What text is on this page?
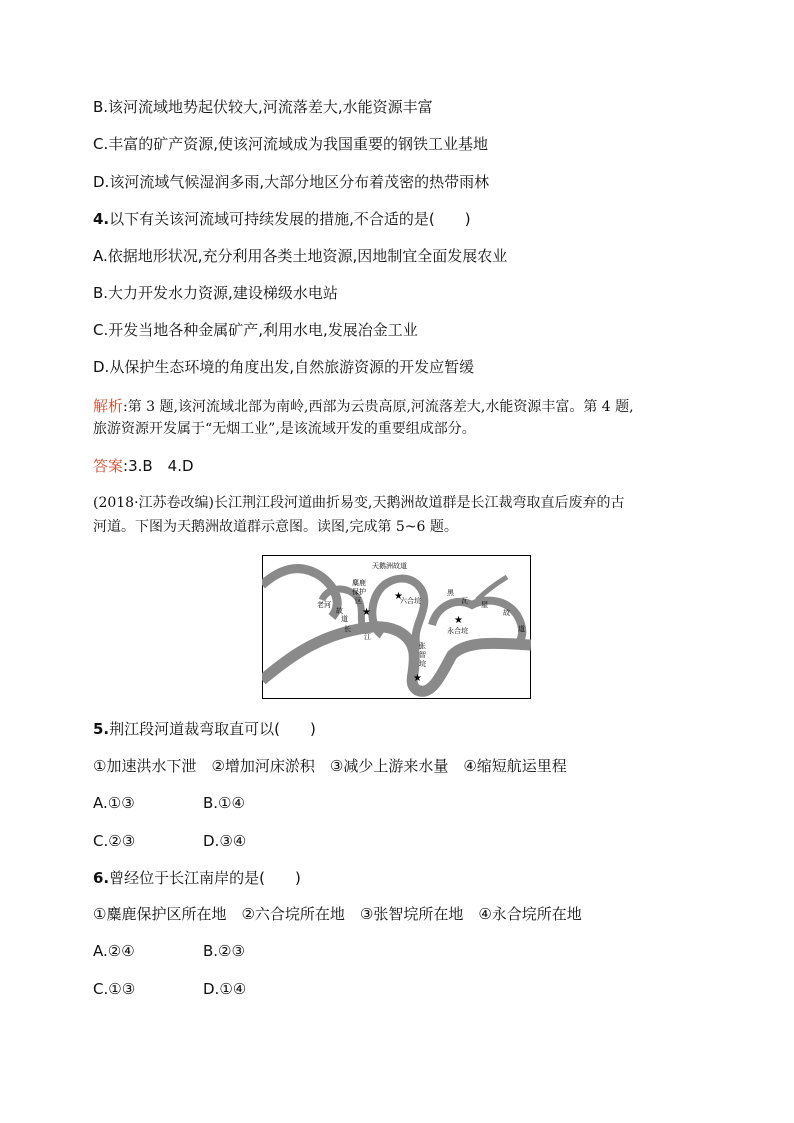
B.该河流域地势起伏较大,河流落差大,水能资源丰富
C.丰富的矿产资源,使该河流域成为我国重要的钢铁工业基地
D.该河流域气候湿润多雨,大部分地区分布着茂密的热带雨林
4.以下有关该河流域可持续发展的措施,不合适的是(　　)
A.依据地形状况,充分利用各类土地资源,因地制宜全面发展农业
B.大力开发水力资源,建设梯级水电站
C.开发当地各种金属矿产,利用水电,发展冶金工业
D.从保护生态环境的角度出发,自然旅游资源的开发应暂缓
解析:第 3 题,该河流域北部为南岭,西部为云贵高原,河流落差大,水能资源丰富。第 4 题,
旅游资源开发属于“无烟工业”,是该流域开发的重要组成部分。
答案:3.B　4.D
(2018·江苏卷改编)长江荆江段河道曲折易变,天鹅洲故道群是长江裁弯取直后废弃的古
河道。下图为天鹅洲故道群示意图。读图,完成第 5~6 题。
★
★
★
★
天鹅洲故道
麋鹿
保护
区
老河
故
道
长
江
六合垸
黑
瓦 屋
故
道
永合垸
张
智
垸
5.荆江段河道裁弯取直可以(　　)
①加速洪水下泄　②增加河床淤积　③减少上游来水量　④缩短航运里程
A.①③	B.①④
C.②③	D.③④
6.曾经位于长江南岸的是(　　)
①麋鹿保护区所在地　②六合垸所在地　③张智垸所在地　④永合垸所在地
A.②④	B.②③
C.①③	D.①④
